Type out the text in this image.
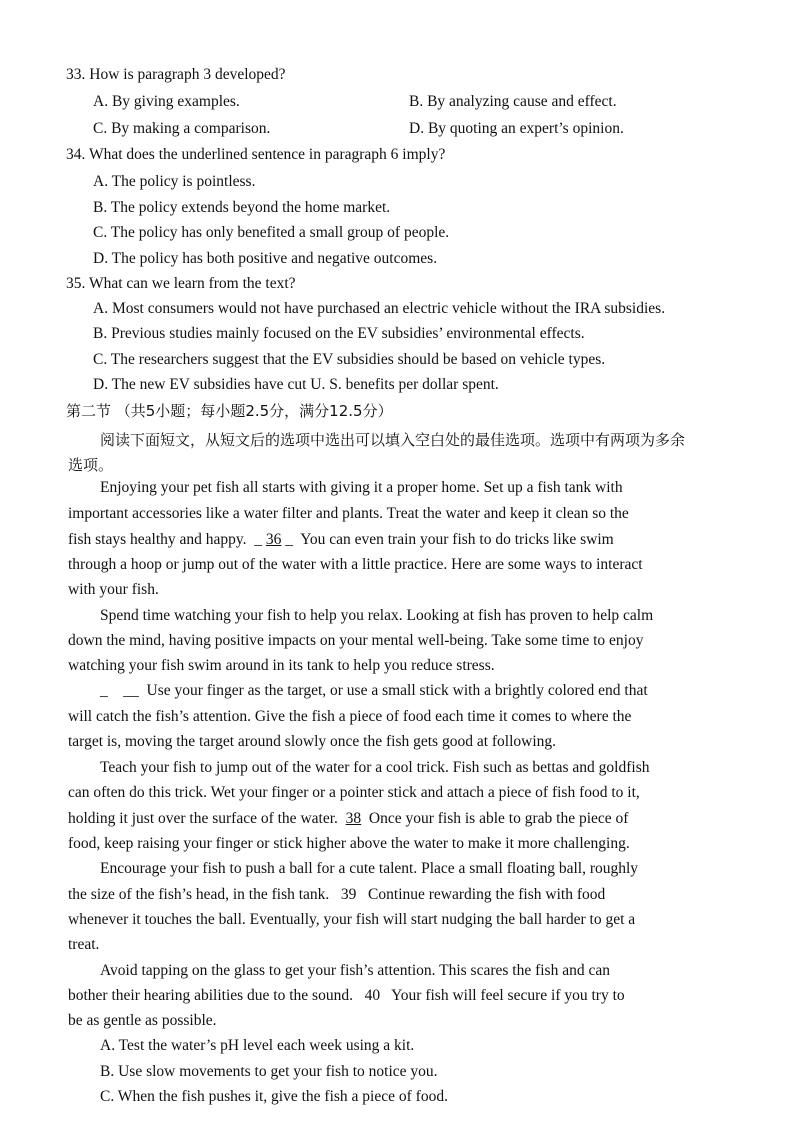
33. How is paragraph 3 developed?
A. By giving examples.	B. By analyzing cause and effect.
C. By making a comparison.	D. By quoting an expert’s opinion.
34. What does the underlined sentence in paragraph 6 imply?
A. The policy is pointless.
B. The policy extends beyond the home market.
C. The policy has only benefited a small group of people.
D. The policy has both positive and negative outcomes.
35. What can we learn from the text?
A. Most consumers would not have purchased an electric vehicle without the IRA subsidies.
B. Previous studies mainly focused on the EV subsidies’ environmental effects.
C. The researchers suggest that the EV subsidies should be based on vehicle types.
D. The new EV subsidies have cut U. S. benefits per dollar spent.
第二节 （共5小题；每小题2.5分，满分12.5分）
阅读下面短文，从短文后的选项中选出可以填入空白处的最佳选项。选项中有两项为多余
选项。
Enjoying your pet fish all starts with giving it a proper home. Set up a fish tank with
important accessories like a water filter and plants. Treat the water and keep it clean so the
fish stays healthy and happy.  _ 36 _  You can even train your fish to do tricks like swim
through a hoop or jump out of the water with a little practice. Here are some ways to interact
with your fish.
Spend time watching your fish to help you relax. Looking at fish has proven to help calm
down the mind, having positive impacts on your mental well-being. Take some time to enjoy
watching your fish swim around in its tank to help you reduce stress.
_    __  Use your finger as the target, or use a small stick with a brightly colored end that
will catch the fish’s attention. Give the fish a piece of food each time it comes to where the
target is, moving the target around slowly once the fish gets good at following.
Teach your fish to jump out of the water for a cool trick. Fish such as bettas and goldfish
can often do this trick. Wet your finger or a pointer stick and attach a piece of fish food to it,
holding it just over the surface of the water. 38 Once your fish is able to grab the piece of
food, keep raising your finger or stick higher above the water to make it more challenging.
Encourage your fish to push a ball for a cute talent. Place a small floating ball, roughly
the size of the fish’s head, in the fish tank. 39 Continue rewarding the fish with food
whenever it touches the ball. Eventually, your fish will start nudging the ball harder to get a
treat.
Avoid tapping on the glass to get your fish’s attention. This scares the fish and can
bother their hearing abilities due to the sound. 40 Your fish will feel secure if you try to
be as gentle as possible.
A. Test the water’s pH level each week using a kit.
B. Use slow movements to get your fish to notice you.
C. When the fish pushes it, give the fish a piece of food.
